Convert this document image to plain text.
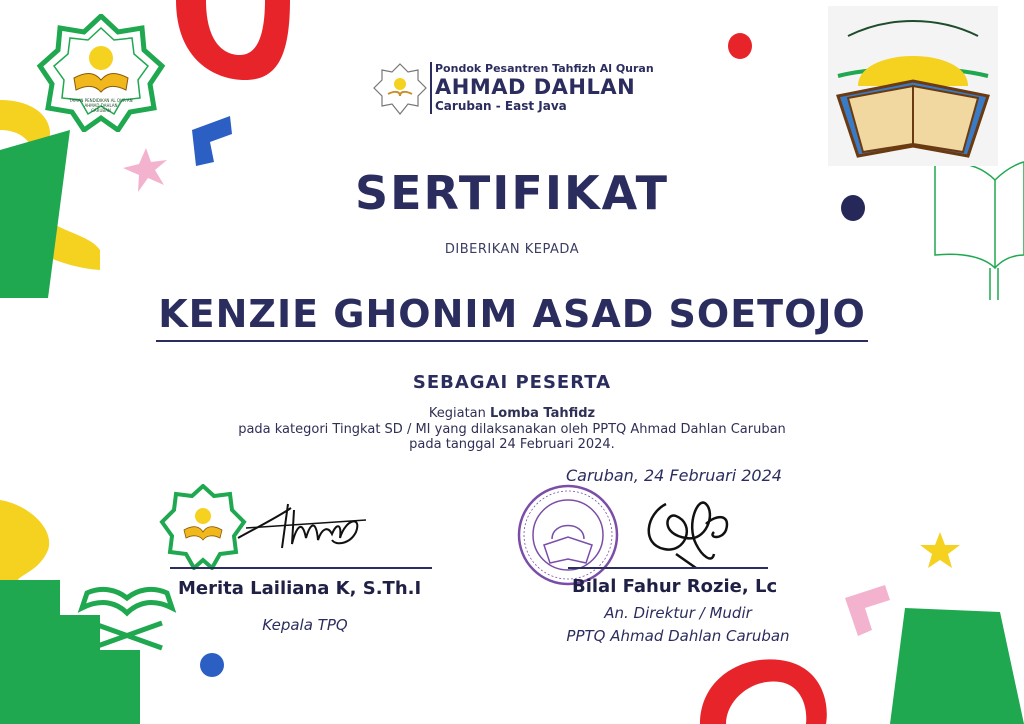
TAMAN PENDIDIKAN AL QUR'AN
AHMAD DAHLAN
CARUBAN
Pondok Pesantren Tahfizh Al Quran
AHMAD DAHLAN
Caruban - East Java
SERTIFIKAT
DIBERIKAN KEPADA
KENZIE GHONIM ASAD SOETOJO
SEBAGAI PESERTA
Kegiatan Lomba Tahfidz
pada kategori Tingkat SD / MI yang dilaksanakan oleh PPTQ Ahmad Dahlan Caruban
pada tanggal 24 Februari 2024.
Caruban, 24 Februari 2024
Merita Lailiana K, S.Th.I
Kepala TPQ
Bilal Fahur Rozie, Lc
An. Direktur / Mudir
PPTQ Ahmad Dahlan Caruban
